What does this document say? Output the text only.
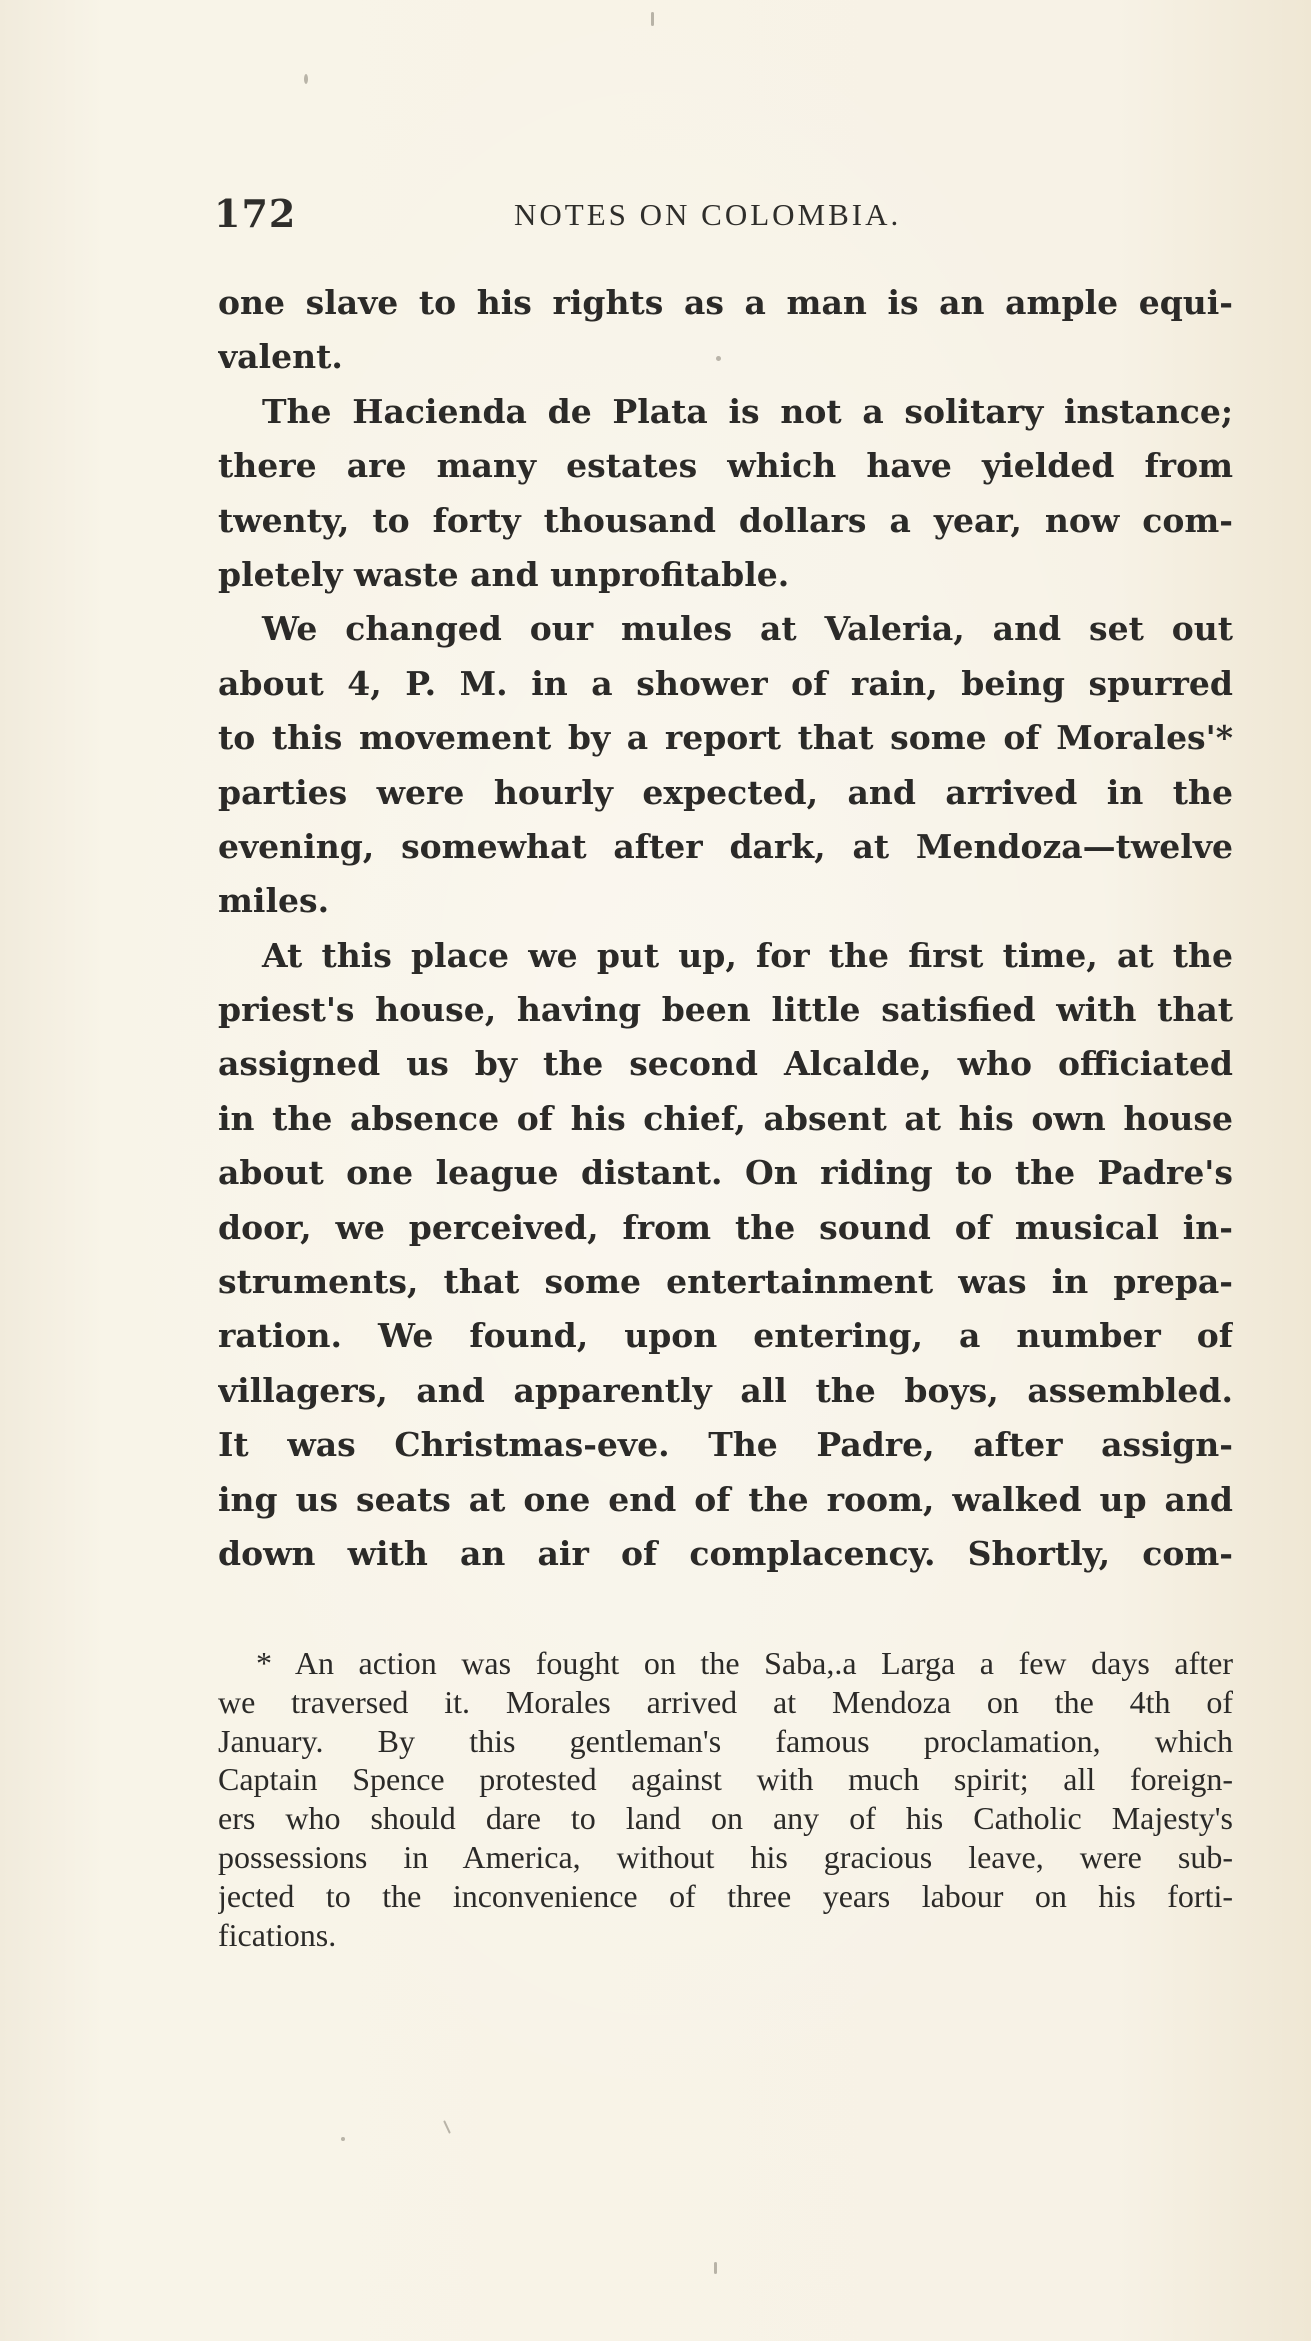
172	NOTES ON COLOMBIA.
one slave to his rights as a man is an ample equi-
valent.
The Hacienda de Plata is not a solitary instance;
there are many estates which have yielded from
twenty, to forty thousand dollars a year, now com-
pletely waste and unprofitable.
We changed our mules at Valeria, and set out
about 4, P. M. in a shower of rain, being spurred
to this movement by a report that some of Morales'*
parties were hourly expected, and arrived in the
evening, somewhat after dark, at Mendoza—twelve
miles.
At this place we put up, for the first time, at the
priest's house, having been little satisfied with that
assigned us by the second Alcalde, who officiated
in the absence of his chief, absent at his own house
about one league distant. On riding to the Padre's
door, we perceived, from the sound of musical in-
struments, that some entertainment was in prepa-
ration. We found, upon entering, a number of
villagers, and apparently all the boys, assembled.
It was Christmas-eve. The Padre, after assign-
ing us seats at one end of the room, walked up and
down with an air of complacency. Shortly, com-
* An action was fought on the Saba,.a Larga a few days after
we traversed it. Morales arrived at Mendoza on the 4th of
January. By this gentleman's famous proclamation, which
Captain Spence protested against with much spirit; all foreign-
ers who should dare to land on any of his Catholic Majesty's
possessions in America, without his gracious leave, were sub-
jected to the inconvenience of three years labour on his forti-
fications.
